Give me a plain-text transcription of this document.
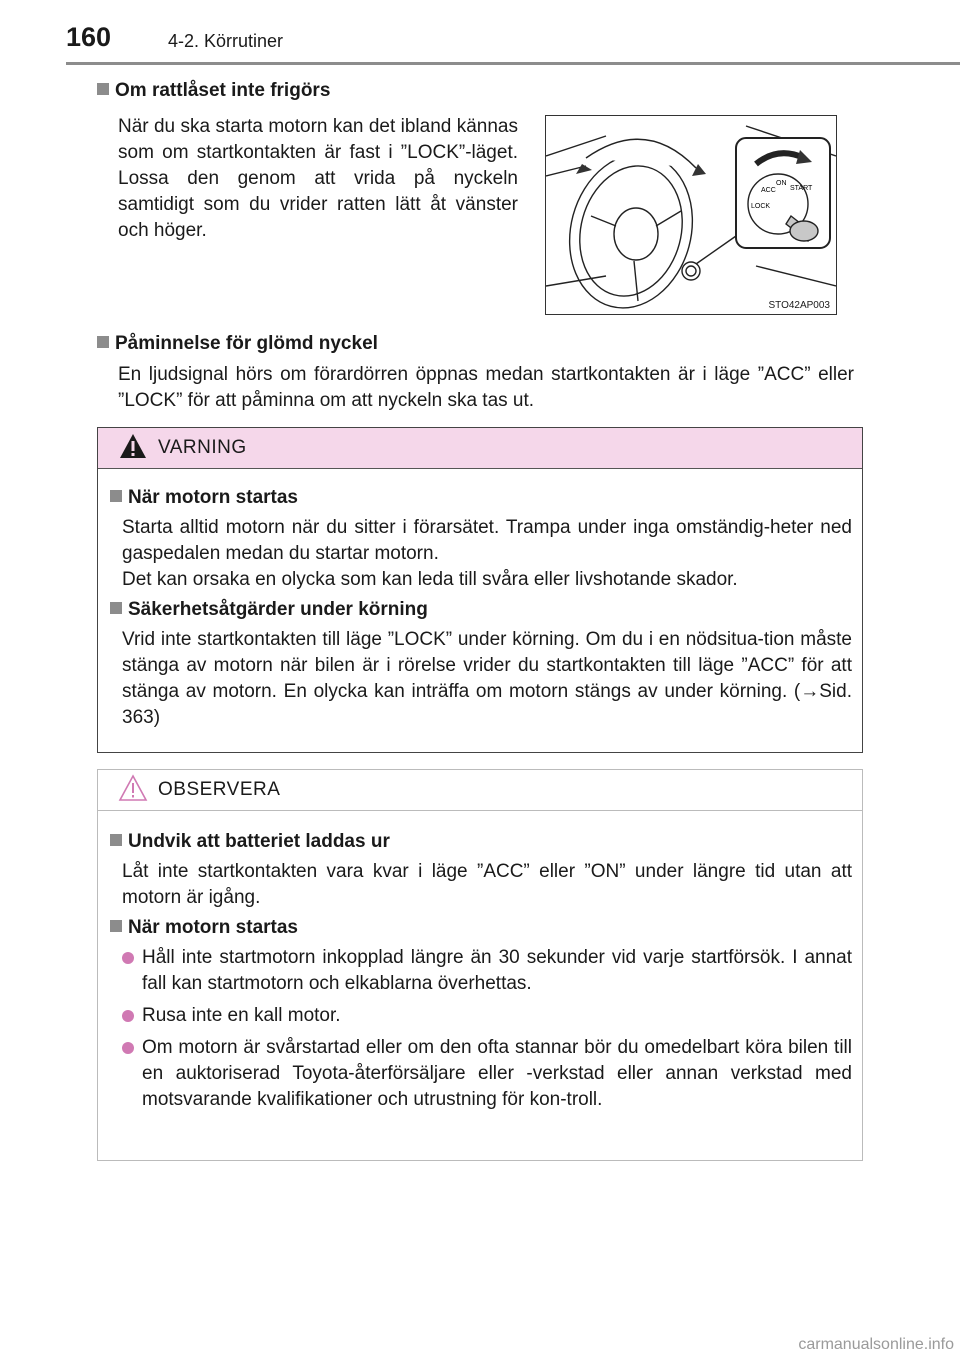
160	4-2. Körrutiner
Om rattlåset inte frigörs
När du ska starta motorn kan det ibland kännas som om startkontakten är fast i ”LOCK”-läget. Lossa den genom att vrida på nyckeln samtidigt som du vrider ratten lätt åt vänster och höger.
ACC
ON
START
LOCK
STO42AP003
Påminnelse för glömd nyckel
En ljudsignal hörs om förardörren öppnas medan startkontakten är i läge ”ACC” eller ”LOCK” för att påminna om att nyckeln ska tas ut.
VARNING
När motorn startas
Starta alltid motorn när du sitter i förarsätet. Trampa under inga omständig-heter ned gaspedalen medan du startar motorn.
Det kan orsaka en olycka som kan leda till svåra eller livshotande skador.
Säkerhetsåtgärder under körning
Vrid inte startkontakten till läge ”LOCK” under körning. Om du i en nödsitua-tion måste stänga av motorn när bilen är i rörelse vrider du startkontakten till läge ”ACC” för att stänga av motorn. En olycka kan inträffa om motorn stängs av under körning. (→Sid. 363)
OBSERVERA
Undvik att batteriet laddas ur
Låt inte startkontakten vara kvar i läge ”ACC” eller ”ON” under längre tid utan att motorn är igång.
När motorn startas
Håll inte startmotorn inkopplad längre än 30 sekunder vid varje startförsök. I annat fall kan startmotorn och elkablarna överhettas.
Rusa inte en kall motor.
Om motorn är svårstartad eller om den ofta stannar bör du omedelbart köra bilen till en auktoriserad Toyota-återförsäljare eller -verkstad eller annan verkstad med motsvarande kvalifikationer och utrustning för kon-troll.
carmanualsonline.info
